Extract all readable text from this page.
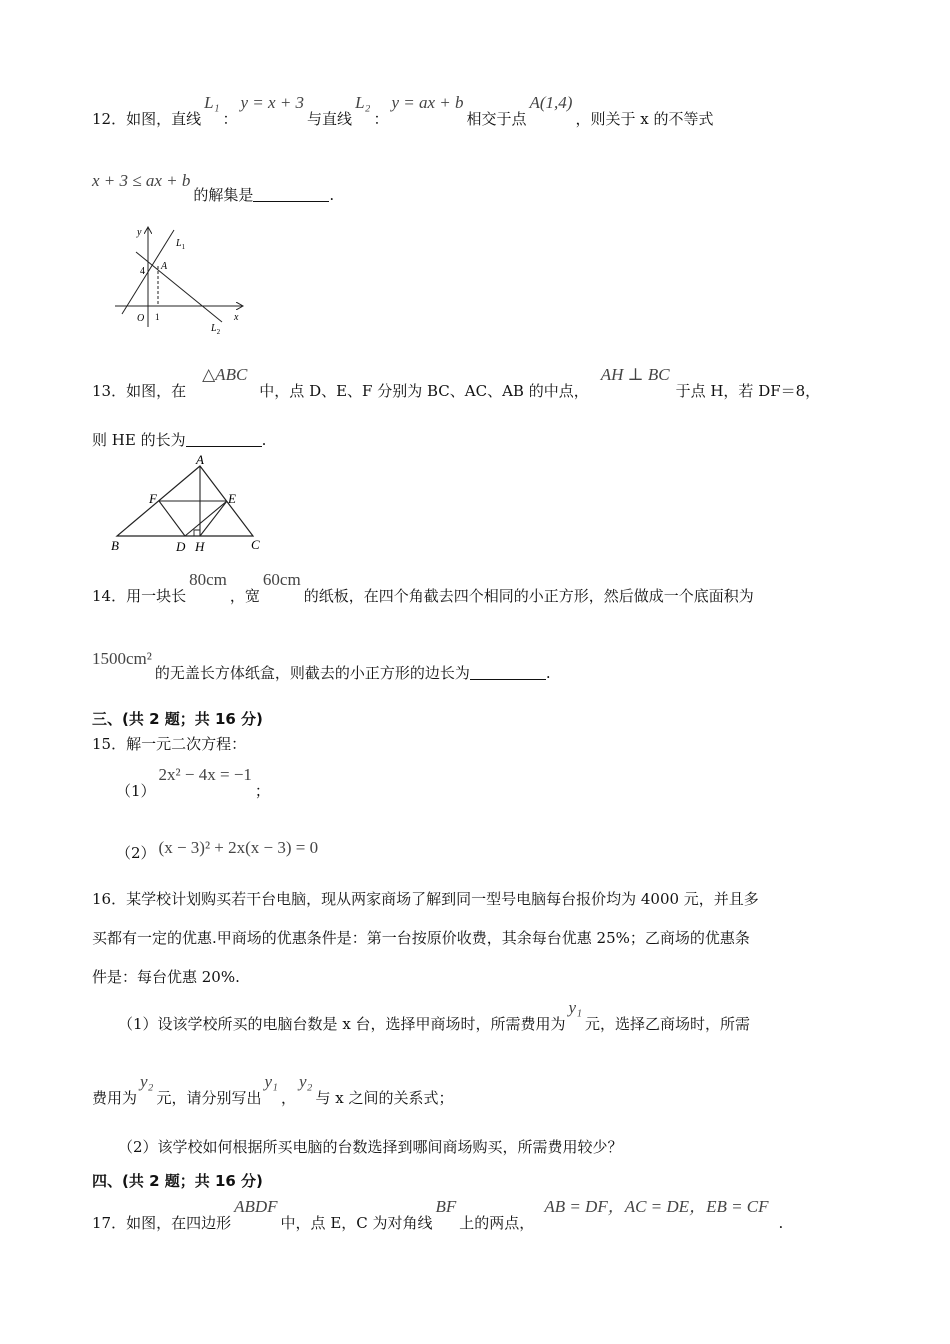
12．如图，直线L₁：y = x + 3与直线L₂：y = ax + b相交于点A(1,4)，则关于 x 的不等式
x + 3 ≤ ax + b的解集是	.
y
x
$L_1$
$L_2$
A
4
O 1
13．如图，在△ABC中，点 D、E、F 分别为 BC、AC、AB 的中点，AH ⊥ BC于点 H，若 DF＝8，
则 HE 的长为	.
A
B	C
D H
F	E
14．用一块长80cm，宽60cm的纸板，在四个角截去四个相同的小正方形，然后做成一个底面积为
1500cm²的无盖长方体纸盒，则截去的小正方形的边长为	.
三、(共 2 题；共 16 分)
15．解一元二次方程：
（1）2x² − 4x = −1；
（2） (x − 3)² + 2x(x − 3) = 0
16．某学校计划购买若干台电脑，现从两家商场了解到同一型号电脑每台报价均为 4000 元，并且多
买都有一定的优惠.甲商场的优惠条件是：第一台按原价收费，其余每台优惠 25%；乙商场的优惠条
件是：每台优惠 20%.
（1）设该学校所买的电脑台数是 x 台，选择甲商场时，所需费用为y₁元，选择乙商场时，所需
费用为y₂元，请分别写出y₁，y₂与 x 之间的关系式；
（2）该学校如何根据所买电脑的台数选择到哪间商场购买，所需费用较少？
四、(共 2 题；共 16 分)
17．如图，在四边形ABDF中，点 E，C 为对角线BF上的两点，AB = DF，AC = DE，EB = CF.
